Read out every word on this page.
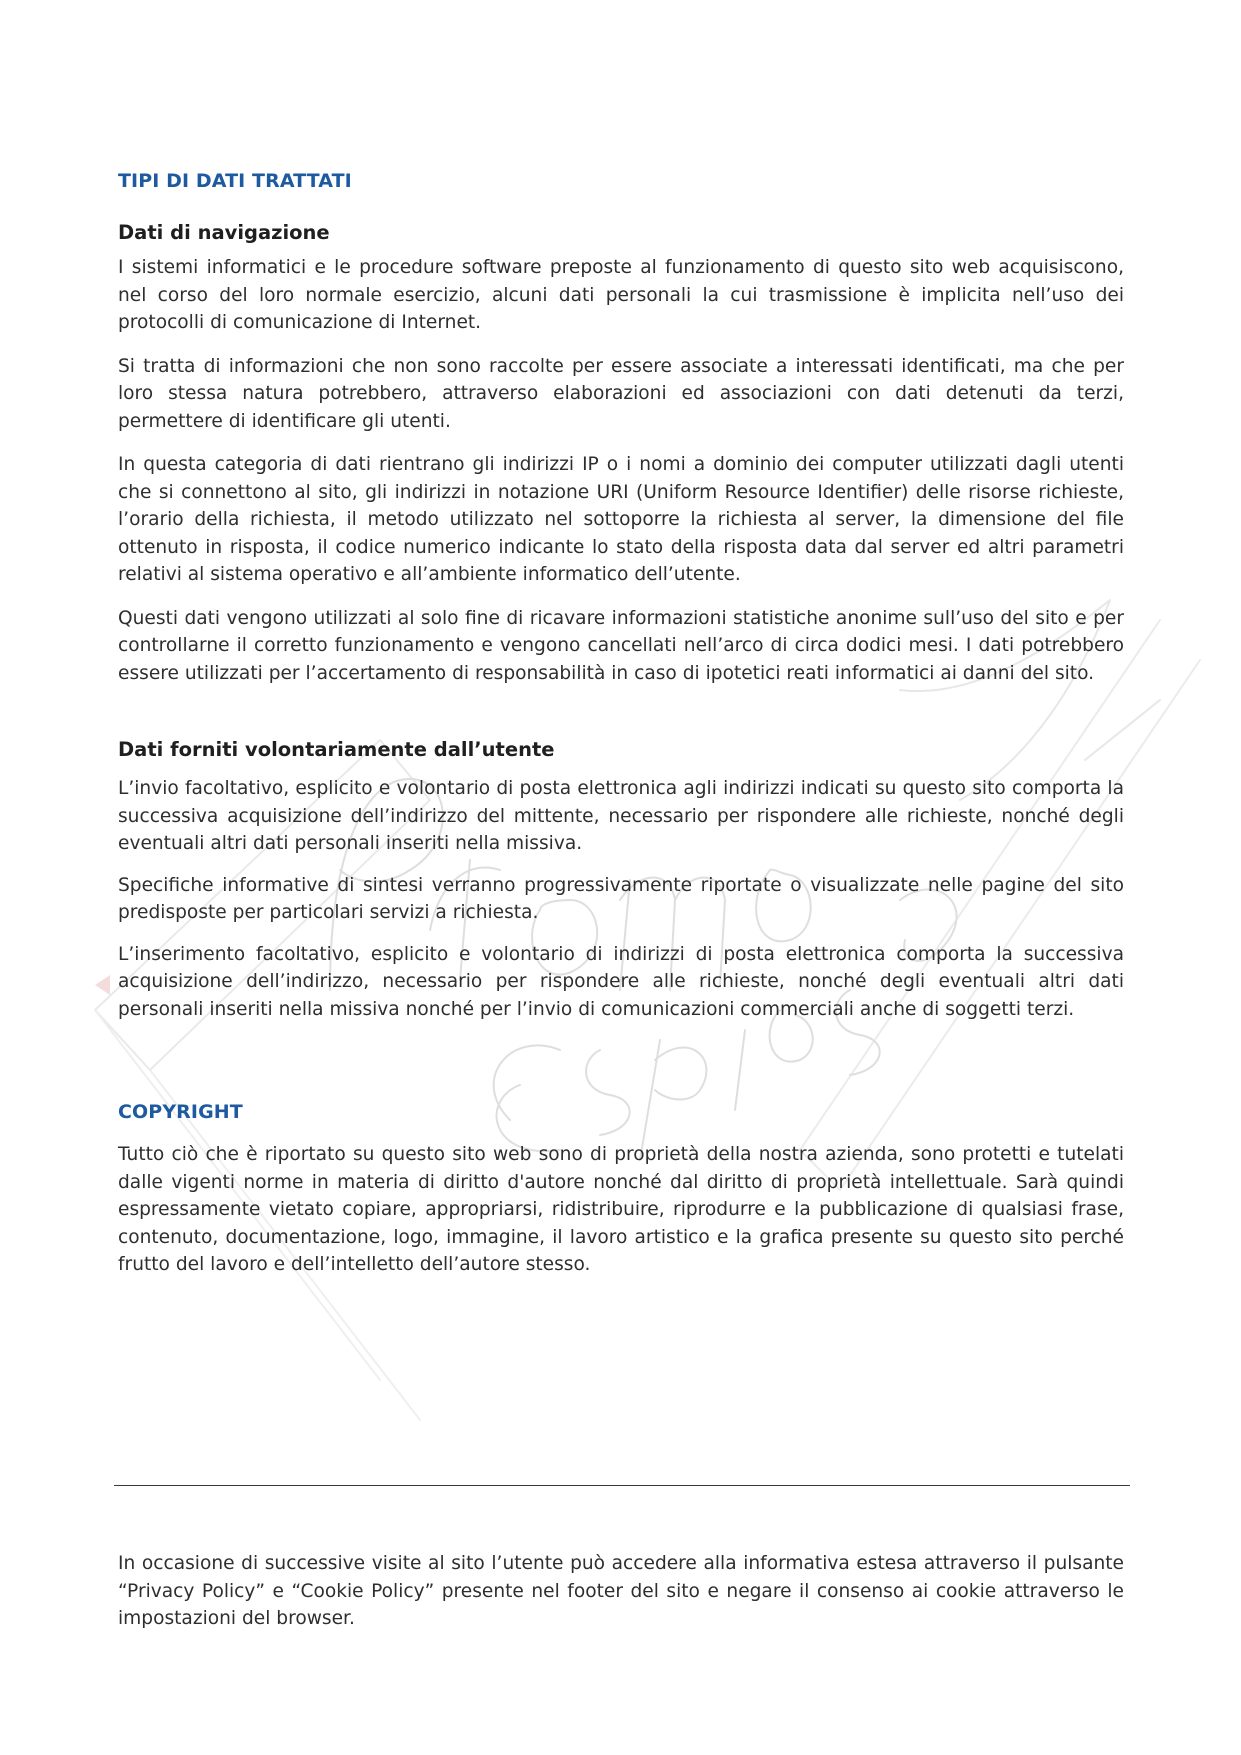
TIPI DI DATI TRATTATI
Dati di navigazione

I sistemi informatici e le procedure software preposte al funzionamento di questo sito web acquisiscono, nel corso del loro normale esercizio, alcuni dati personali la cui trasmissione è implicita nell’uso dei protocolli di comunicazione di Internet.

Si tratta di informazioni che non sono raccolte per essere associate a interessati identificati, ma che per loro stessa natura potrebbero, attraverso elaborazioni ed associazioni con dati detenuti da terzi, permettere di identificare gli utenti.

In questa categoria di dati rientrano gli indirizzi IP o i nomi a dominio dei computer utilizzati dagli utenti che si connettono al sito, gli indirizzi in notazione URI (Uniform Resource Identifier) delle risorse richieste, l’orario della richiesta, il metodo utilizzato nel sottoporre la richiesta al server, la dimensione del file ottenuto in risposta, il codice numerico indicante lo stato della risposta data dal server ed altri parametri relativi al sistema operativo e all’ambiente informatico dell’utente.

Questi dati vengono utilizzati al solo fine di ricavare informazioni statistiche anonime sull’uso del sito e per controllarne il corretto funzionamento e vengono cancellati nell’arco di circa dodici mesi. I dati potrebbero essere utilizzati per l’accertamento di responsabilità in caso di ipotetici reati informatici ai danni del sito.

Dati forniti volontariamente dall’utente

L’invio facoltativo, esplicito e volontario di posta elettronica agli indirizzi indicati su questo sito comporta la successiva acquisizione dell’indirizzo del mittente, necessario per rispondere alle richieste, nonché degli eventuali altri dati personali inseriti nella missiva.

Specifiche informative di sintesi verranno progressivamente riportate o visualizzate nelle pagine del sito predisposte per particolari servizi a richiesta.

L’inserimento facoltativo, esplicito e volontario di indirizzi di posta elettronica comporta la successiva acquisizione dell’indirizzo, necessario per rispondere alle richieste, nonché degli eventuali altri dati personali inseriti nella missiva nonché per l’invio di comunicazioni commerciali anche di soggetti terzi.

COPYRIGHT

Tutto ciò che è riportato su questo sito web sono di proprietà della nostra azienda, sono protetti e tutelati dalle vigenti norme in materia di diritto d'autore nonché dal diritto di proprietà intellettuale. Sarà quindi espressamente vietato copiare, appropriarsi, ridistribuire, riprodurre e la pubblicazione di qualsiasi frase, contenuto, documentazione, logo, immagine, il lavoro artistico e la grafica presente su questo sito perché frutto del lavoro e dell’intelletto dell’autore stesso.

In occasione di successive visite al sito l’utente può accedere alla informativa estesa attraverso il pulsante “Privacy Policy” e “Cookie Policy” presente nel footer del sito e negare il consenso ai cookie attraverso le impostazioni del browser.
